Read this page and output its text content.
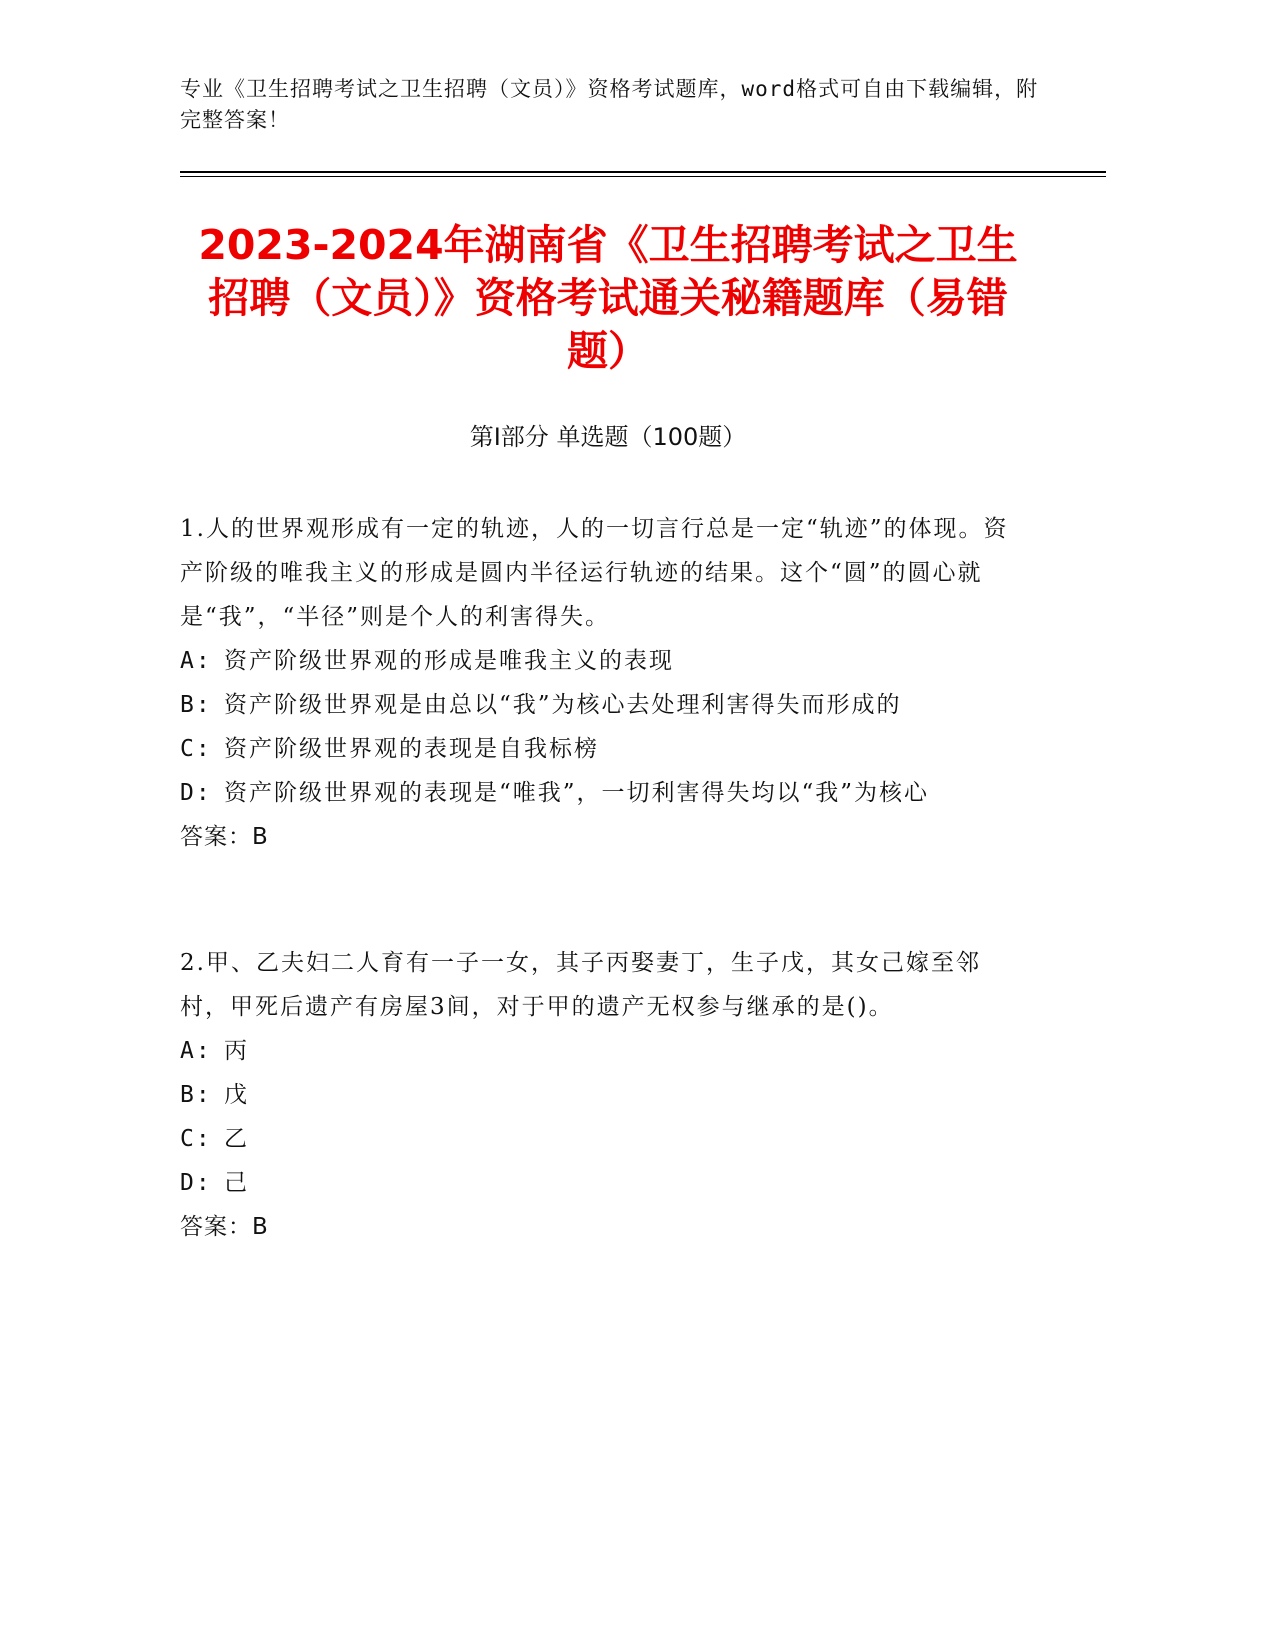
专业《卫生招聘考试之卫生招聘（文员）》资格考试题库，word格式可自由下载编辑，附完整答案！
2023-2024年湖南省《卫生招聘考试之卫生招聘（文员）》资格考试通关秘籍题库（易错题）
第Ⅰ部分 单选题（100题）
1.人的世界观形成有一定的轨迹，人的一切言行总是一定“轨迹”的体现。资产阶级的唯我主义的形成是圆内半径运行轨迹的结果。这个“圆”的圆心就是“我”，“半径”则是个人的利害得失。
A: 资产阶级世界观的形成是唯我主义的表现
B: 资产阶级世界观是由总以“我”为核心去处理利害得失而形成的
C: 资产阶级世界观的表现是自我标榜
D: 资产阶级世界观的表现是“唯我”，一切利害得失均以“我”为核心
答案：B
2.甲、乙夫妇二人育有一子一女，其子丙娶妻丁，生子戊，其女己嫁至邻村，甲死后遗产有房屋3间，对于甲的遗产无权参与继承的是()。
A: 丙
B: 戊
C: 乙
D: 己
答案：B
